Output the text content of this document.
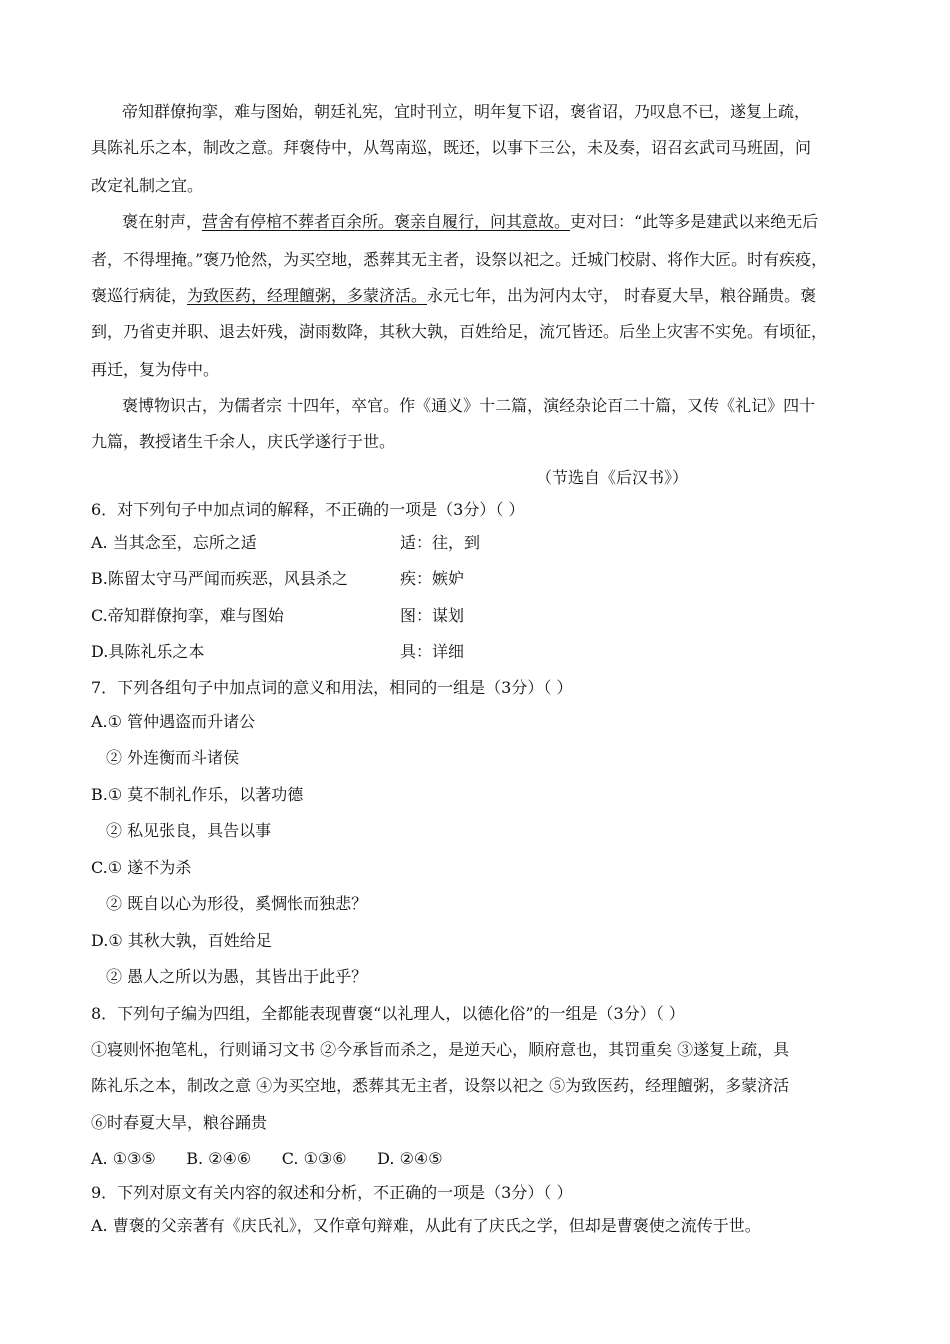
帝知群僚拘挛，难与图始，朝廷礼宪，宜时刊立，明年复下诏，褒省诏，乃叹息不已，遂复上疏，
具陈礼乐之本，制改之意。拜褒侍中，从驾南巡，既还，以事下三公，未及奏，诏召玄武司马班固，问
改定礼制之宜。
褒在射声，营舍有停棺不葬者百余所。褒亲自履行，问其意故。吏对曰：“此等多是建武以来绝无后
者，不得埋掩。”褒乃怆然，为买空地，悉葬其无主者，设祭以祀之。迁城门校尉、将作大匠。时有疾疫，
褒巡行病徒，为致医药，经理饘粥，多蒙济活。永元七年，出为河内太守， 时春夏大旱，粮谷踊贵。褒
到，乃省吏并职、退去奸残，澍雨数降，其秋大孰，百姓给足，流冗皆还。后坐上灾害不实免。有顷征，
再迁，复为侍中。
褒博物识古，为儒者宗 十四年，卒官。作《通义》十二篇，演经杂论百二十篇，又传《礼记》四十
九篇，教授诸生千余人，庆氏学遂行于世。
（节选自《后汉书》）
6．对下列句子中加点词的解释，不正确的一项是（3分）（ ）
A. 当其念至，忘所之适	适：往，到
B.陈留太守马严闻而疾恶，风县杀之	疾：嫉妒
C.帝知群僚拘挛，难与图始	图：谋划
D.具陈礼乐之本	具：详细
7．下列各组句子中加点词的意义和用法，相同的一组是（3分）（ ）
A.① 管仲遇盗而升诸公
② 外连衡而斗诸侯
B.① 莫不制礼作乐，以著功德
② 私见张良，具告以事
C.① 遂不为杀
② 既自以心为形役，奚惆怅而独悲？
D.① 其秋大孰，百姓给足
② 愚人之所以为愚，其皆出于此乎？
8．下列句子编为四组，全都能表现曹褒“以礼理人，以德化俗”的一组是（3分）（ ）
①寝则怀抱笔札，行则诵习文书 ②今承旨而杀之，是逆天心，顺府意也，其罚重矣 ③遂复上疏，具
陈礼乐之本，制改之意 ④为买空地，悉葬其无主者，设祭以祀之 ⑤为致医药，经理饘粥，多蒙济活
⑥时春夏大旱，粮谷踊贵
A. ①③⑤      B. ②④⑥      C. ①③⑥      D. ②④⑤
9．下列对原文有关内容的叙述和分析，不正确的一项是（3分）（ ）
A. 曹褒的父亲著有《庆氏礼》，又作章句辩难，从此有了庆氏之学，但却是曹褒使之流传于世。
